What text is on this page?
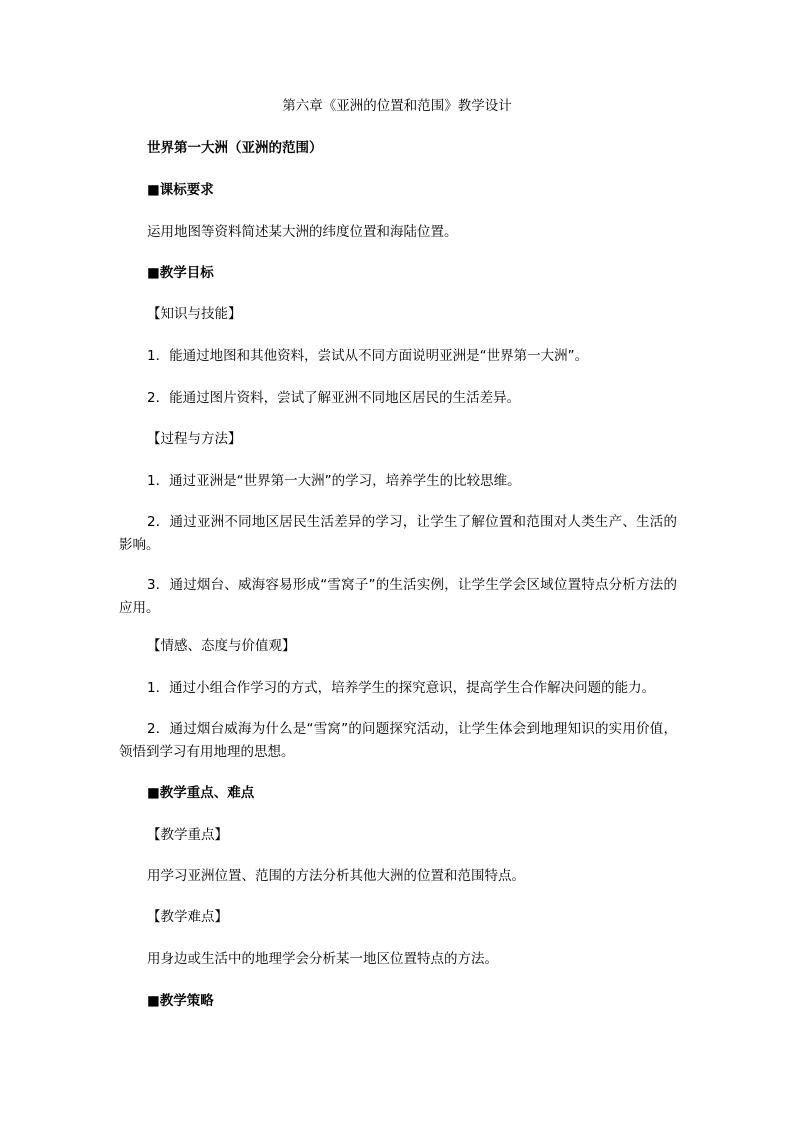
第六章《亚洲的位置和范围》教学设计
世界第一大洲（亚洲的范围）
■课标要求
运用地图等资料简述某大洲的纬度位置和海陆位置。
■教学目标
【知识与技能】
1．能通过地图和其他资料，尝试从不同方面说明亚洲是“世界第一大洲”。
2．能通过图片资料，尝试了解亚洲不同地区居民的生活差异。
【过程与方法】
1．通过亚洲是“世界第一大洲”的学习，培养学生的比较思维。
2．通过亚洲不同地区居民生活差异的学习，让学生了解位置和范围对人类生产、生活的影响。
3．通过烟台、威海容易形成“雪窝子”的生活实例，让学生学会区域位置特点分析方法的应用。
【情感、态度与价值观】
1．通过小组合作学习的方式，培养学生的探究意识，提高学生合作解决问题的能力。
2．通过烟台威海为什么是“雪窝”的问题探究活动，让学生体会到地理知识的实用价值，领悟到学习有用地理的思想。
■教学重点、难点
【教学重点】
用学习亚洲位置、范围的方法分析其他大洲的位置和范围特点。
【教学难点】
用身边或生活中的地理学会分析某一地区位置特点的方法。
■教学策略
